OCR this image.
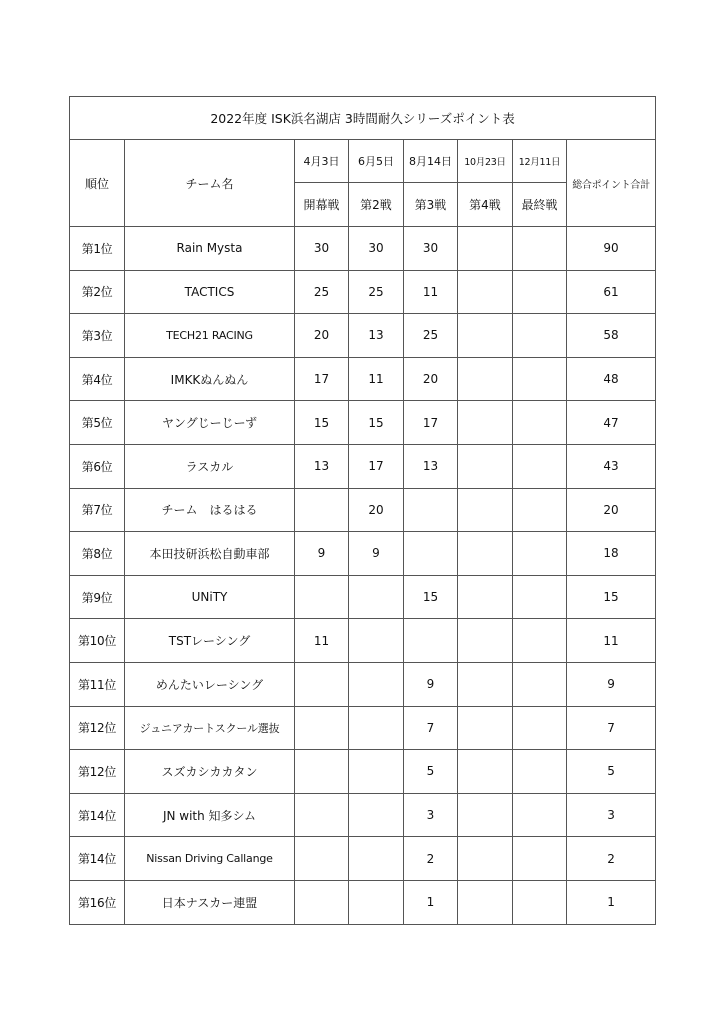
2022年度 ISK浜名湖店 3時間耐久シリーズポイント表							
順位	チーム名	4月3日	6月5日	8月14日	10月23日	12月11日	総合ポイント合計
		開幕戦	第2戦	第3戦	第4戦	最終戦	
第1位	Rain Mysta	30	30	30			90
第2位	TACTICS	25	25	11			61
第3位	TECH21 RACING	20	13	25			58
第4位	IMKKぬんぬん	17	11	20			48
第5位	ヤングじーじーず	15	15	17			47
第6位	ラスカル	13	17	13			43
第7位	チーム　はるはる		20				20
第8位	本田技研浜松自動車部	9	9				18
第9位	UNiTY			15			15
第10位	TSTレーシング	11					11
第11位	めんたいレーシング			9			9
第12位	ジュニアカートスクール選抜			7			7
第12位	スズカシカカタン			5			5
第14位	JN with 知多シム			3			3
第14位	Nissan Driving Callange			2			2
第16位	日本ナスカー連盟			1			1
